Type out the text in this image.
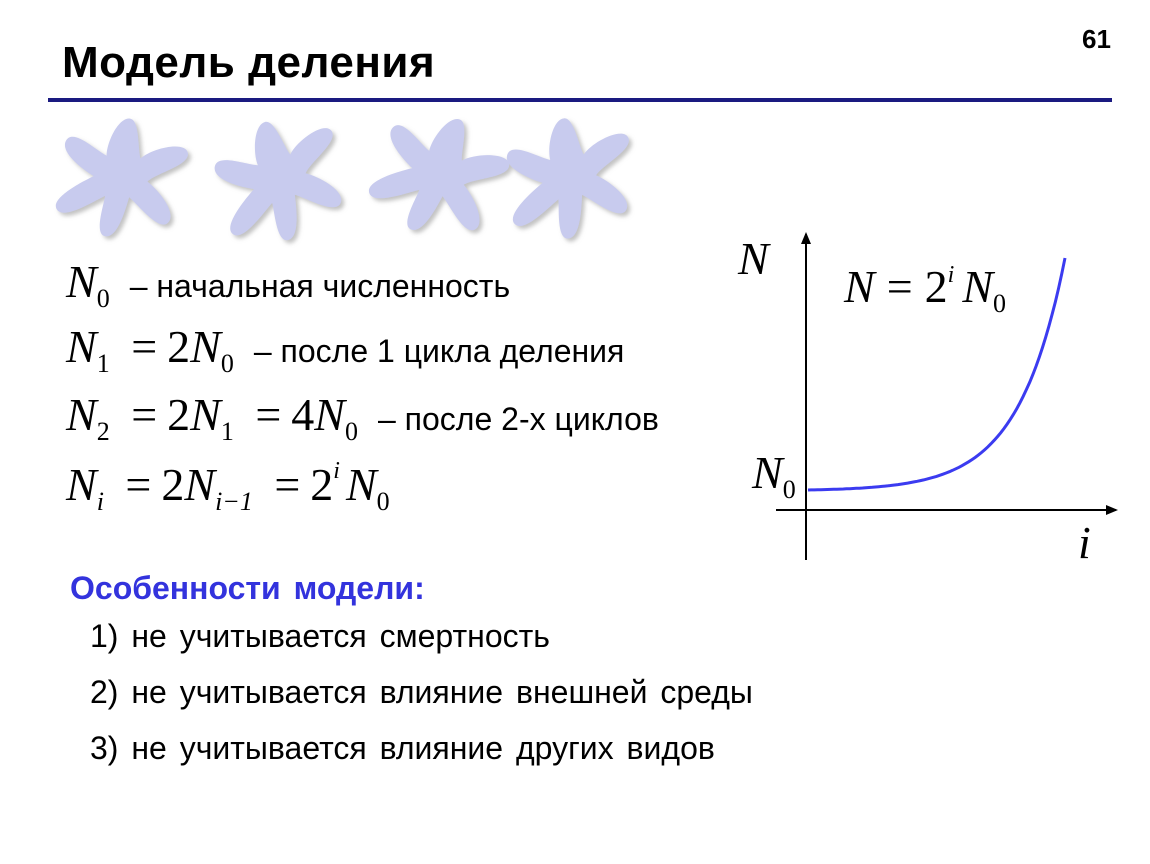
61
Модель деления
$N_0$ – начальная численность
$N_1 = 2N_0$ – после 1 цикла деления
$N_2 = 2N_1 = 4N_0$ – после 2-х циклов
$N_i = 2N_{i-1} = 2^i$ $N_0$
N
i
$N_0$
$N = 2^i$ $N_0$
Особенности модели:
1) не учитывается смертность
2) не учитывается влияние внешней среды
3) не учитывается влияние других видов
